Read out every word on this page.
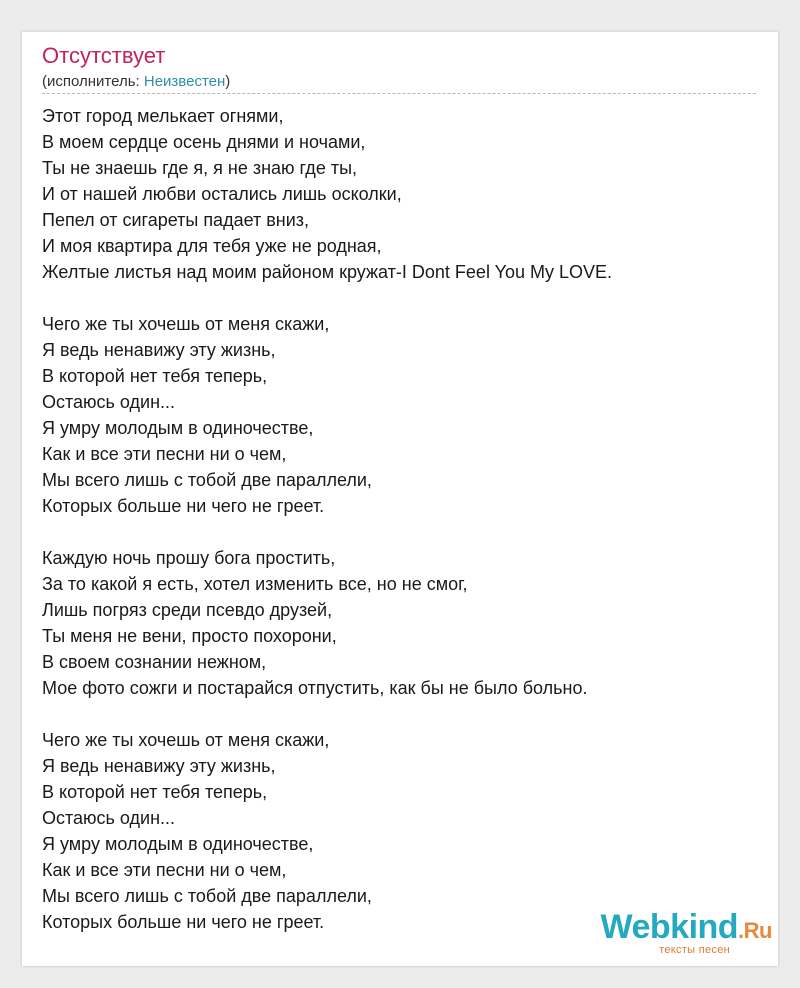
Отсутствует
(исполнитель: Неизвестен)
Этот город мелькает огнями,
В моем сердце осень днями и ночами,
Ты не знаешь где я, я не знаю где ты,
И от нашей любви остались лишь осколки,
Пепел от сигареты падает вниз,
И моя квартира для тебя уже не родная,
Желтые листья над моим районом кружат-I Dont Feel You My LOVE.
Чего же ты хочешь от меня скажи,
Я ведь ненавижу эту жизнь,
В которой нет тебя теперь,
Остаюсь один...
Я умру молодым в одиночестве,
Как и все эти песни ни о чем,
Мы всего лишь с тобой две параллели,
Которых больше ни чего не греет.
Каждую ночь прошу бога простить,
За то какой я есть, хотел изменить все, но не смог,
Лишь погряз среди псевдо друзей,
Ты меня не вени, просто похорони,
В своем сознании нежном,
Мое фото сожги и постарайся отпустить, как бы не было больно.
Чего же ты хочешь от меня скажи,
Я ведь ненавижу эту жизнь,
В которой нет тебя теперь,
Остаюсь один...
Я умру молодым в одиночестве,
Как и все эти песни ни о чем,
Мы всего лишь с тобой две параллели,
Которых больше ни чего не греет.	Webkind.Ru
тексты песен
